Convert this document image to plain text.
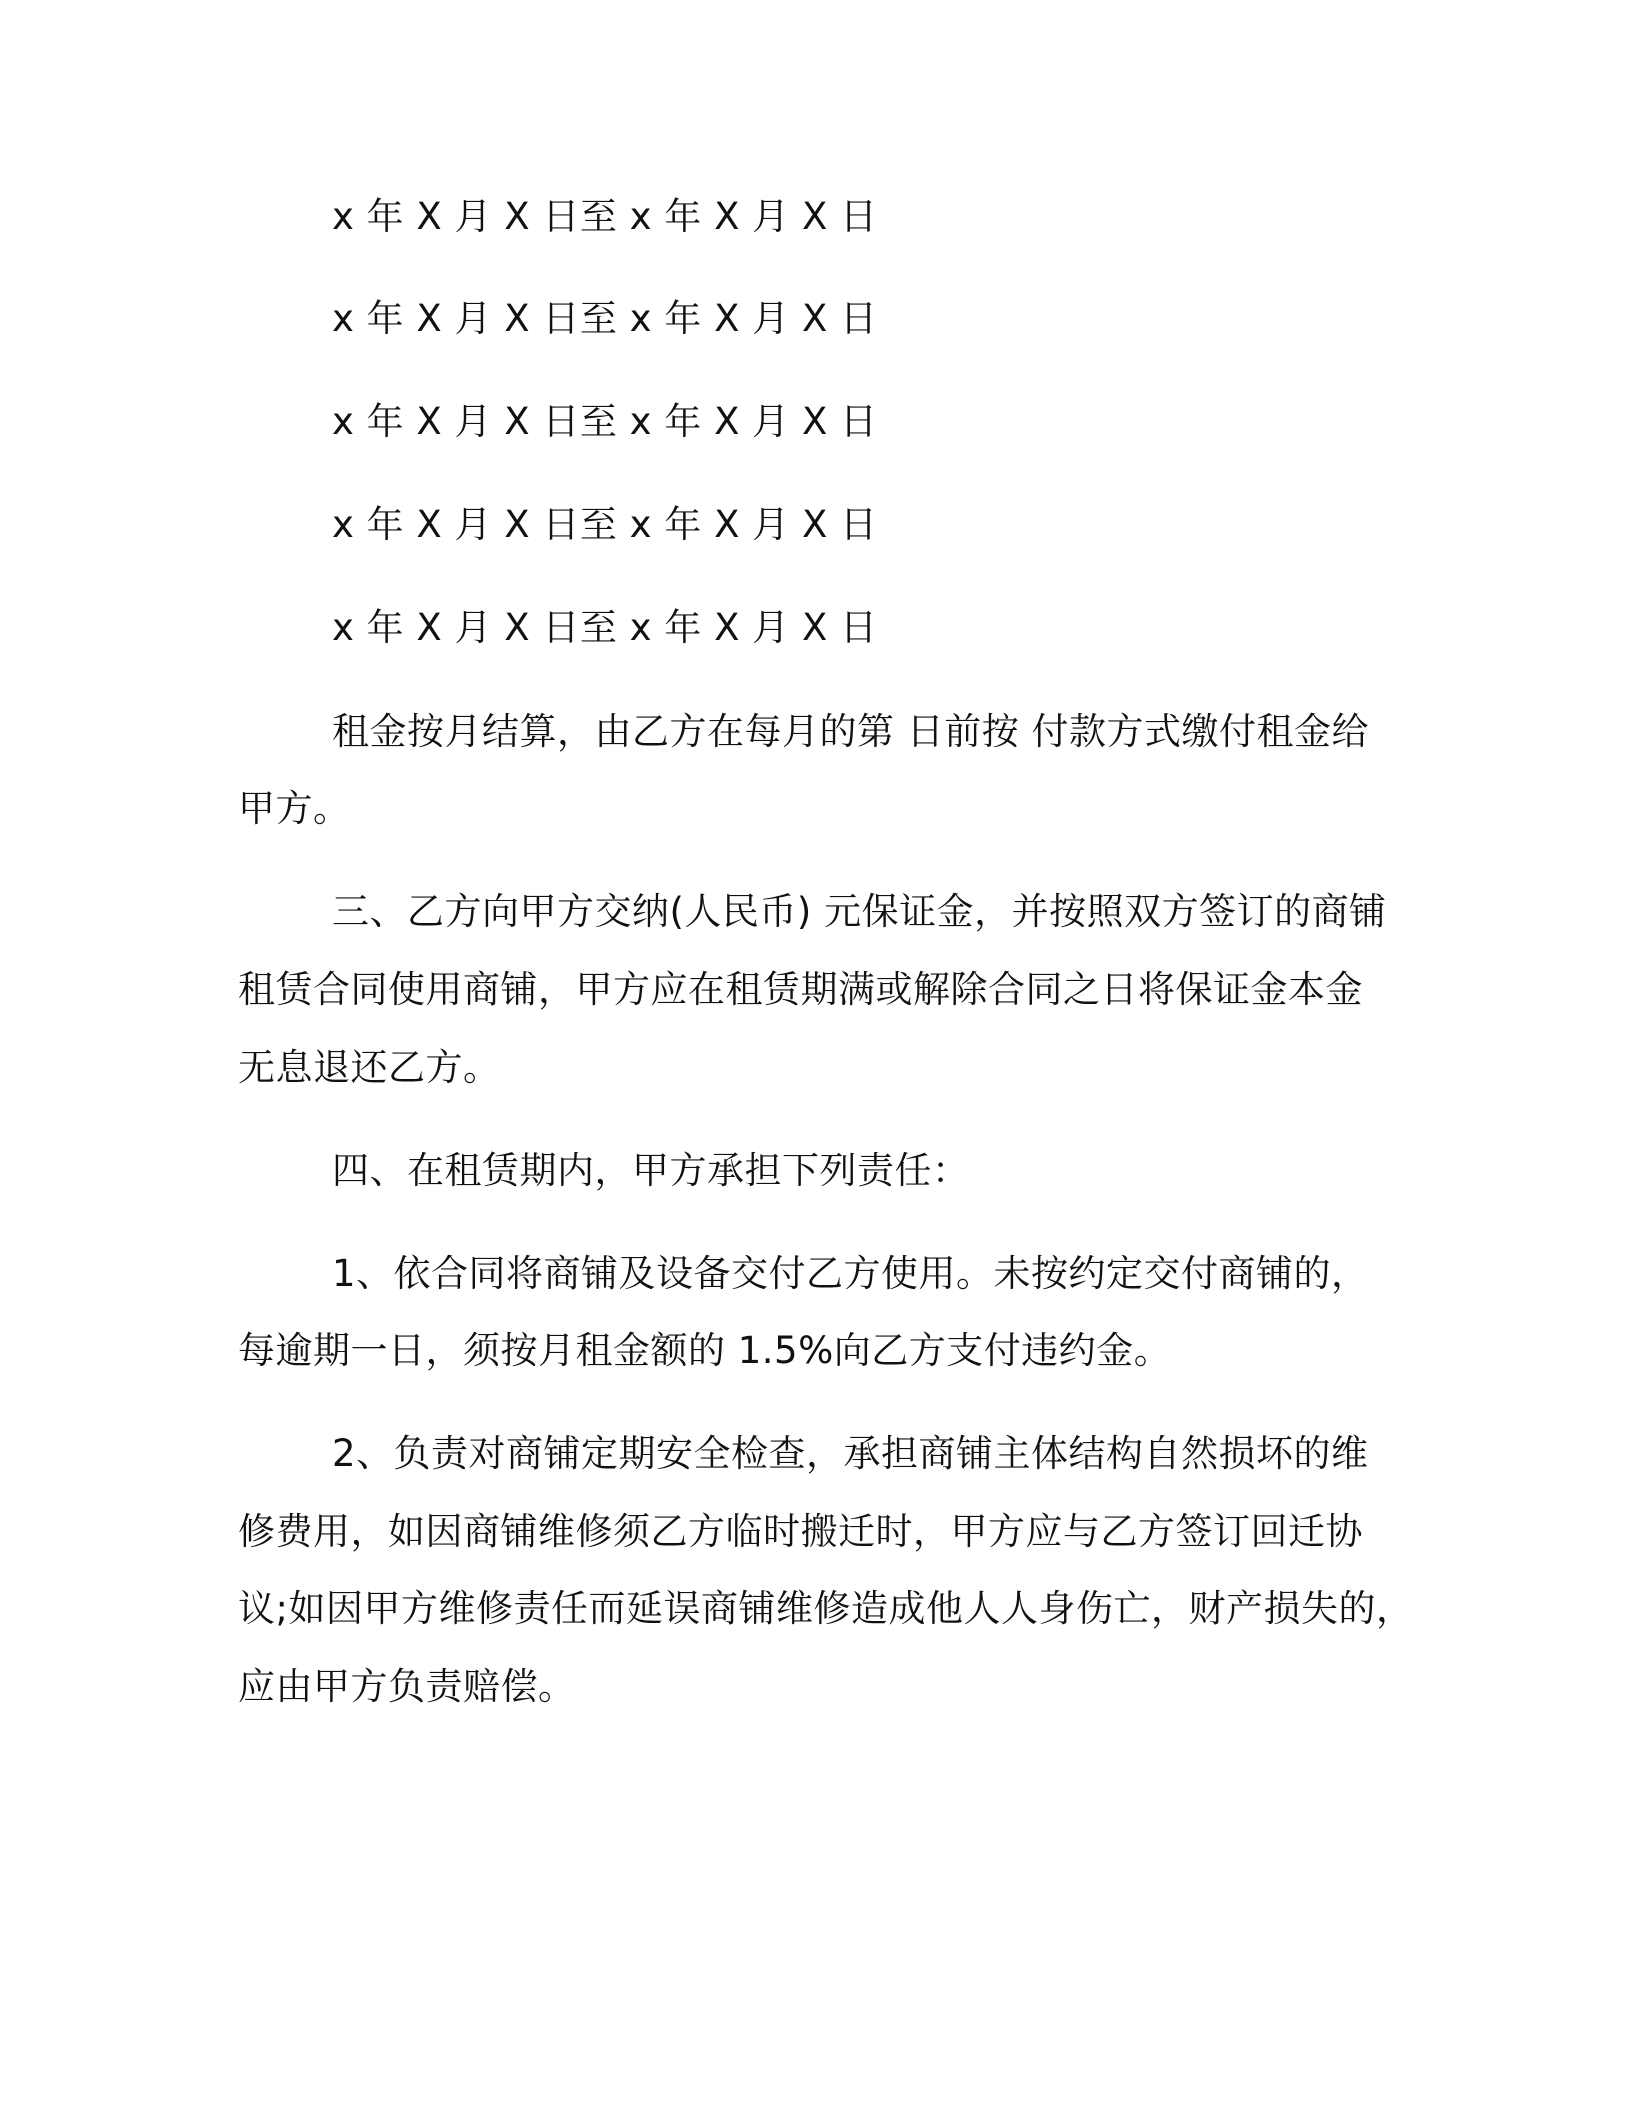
x 年 X 月 X 日至 x 年 X 月 X 日
x 年 X 月 X 日至 x 年 X 月 X 日
x 年 X 月 X 日至 x 年 X 月 X 日
x 年 X 月 X 日至 x 年 X 月 X 日
x 年 X 月 X 日至 x 年 X 月 X 日
租金按月结算，由乙方在每月的第 日前按 付款方式缴付租金给
甲方。
三、乙方向甲方交纳(人民币) 元保证金，并按照双方签订的商铺
租赁合同使用商铺，甲方应在租赁期满或解除合同之日将保证金本金
无息退还乙方。
四、在租赁期内，甲方承担下列责任：
1、依合同将商铺及设备交付乙方使用。未按约定交付商铺的，
每逾期一日，须按月租金额的 1.5%向乙方支付违约金。
2、负责对商铺定期安全检查，承担商铺主体结构自然损坏的维
修费用，如因商铺维修须乙方临时搬迁时，甲方应与乙方签订回迁协
议;如因甲方维修责任而延误商铺维修造成他人人身伤亡，财产损失的，
应由甲方负责赔偿。
